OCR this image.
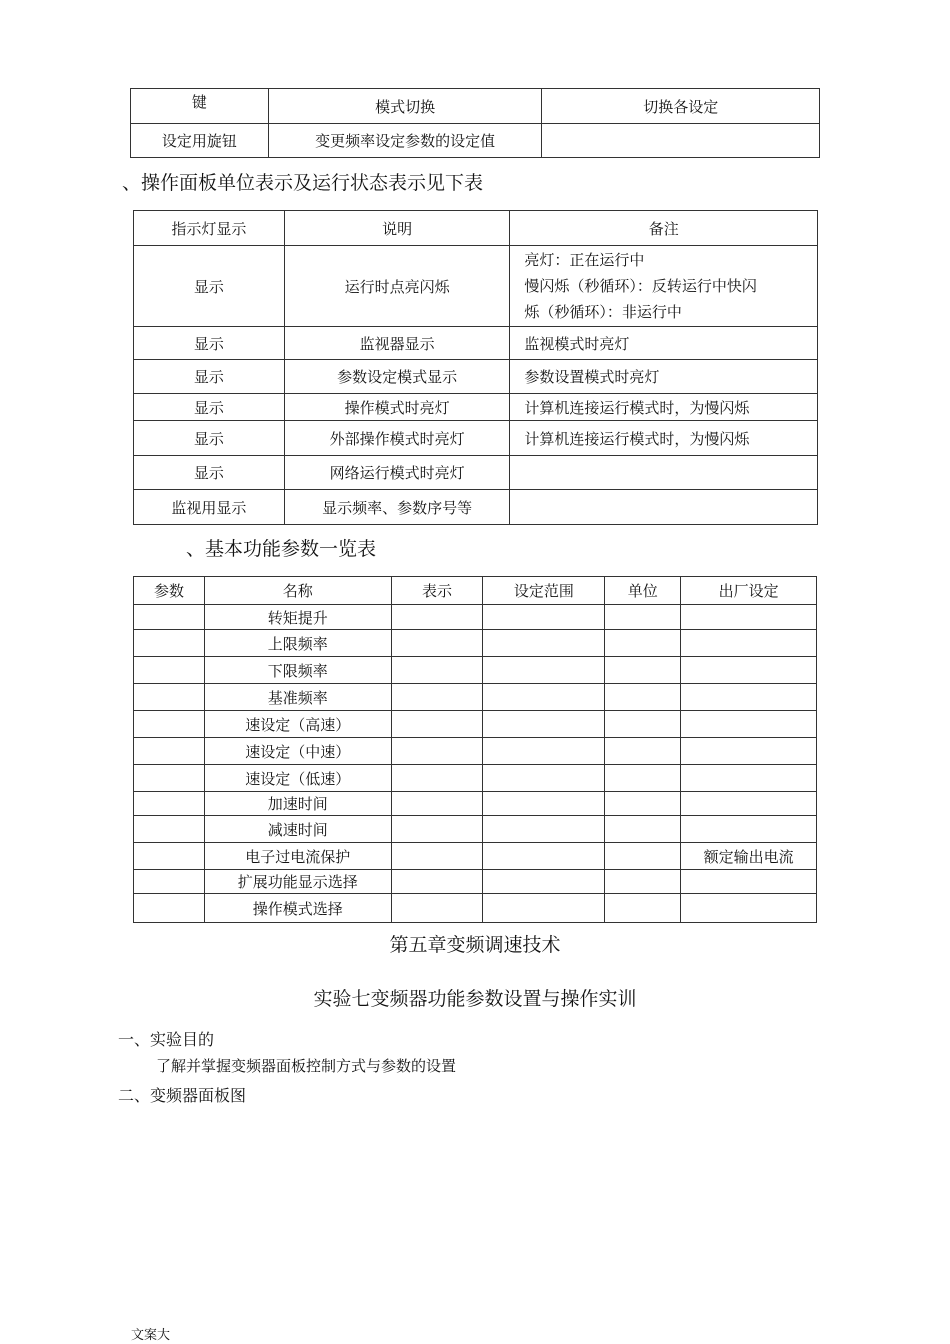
键	模式切换	切换各设定
设定用旋钮	变更频率设定参数的设定值	
、操作面板单位表示及运行状态表示见下表
指示灯显示	说明	备注
显示	运行时点亮闪烁	亮灯：正在运行中
慢闪烁（秒循环）：反转运行中快闪
烁（秒循环）：非运行中
显示	监视器显示	监视模式时亮灯
显示	参数设定模式显示	参数设置模式时亮灯
显示	操作模式时亮灯	计算机连接运行模式时，为慢闪烁
显示	外部操作模式时亮灯	计算机连接运行模式时，为慢闪烁
显示	网络运行模式时亮灯	
监视用显示	显示频率、参数序号等	
、基本功能参数一览表
参数	名称	表示	设定范围	单位	出厂设定
	转矩提升				
	上限频率				
	下限频率				
	基准频率				
	速设定（高速）				
	速设定（中速）				
	速设定（低速）				
	加速时间				
	减速时间				
	电子过电流保护				额定输出电流
	扩展功能显示选择				
	操作模式选择				
第五章变频调速技术
实验七变频器功能参数设置与操作实训
一、实验目的
了解并掌握变频器面板控制方式与参数的设置
二、变频器面板图
文案大
